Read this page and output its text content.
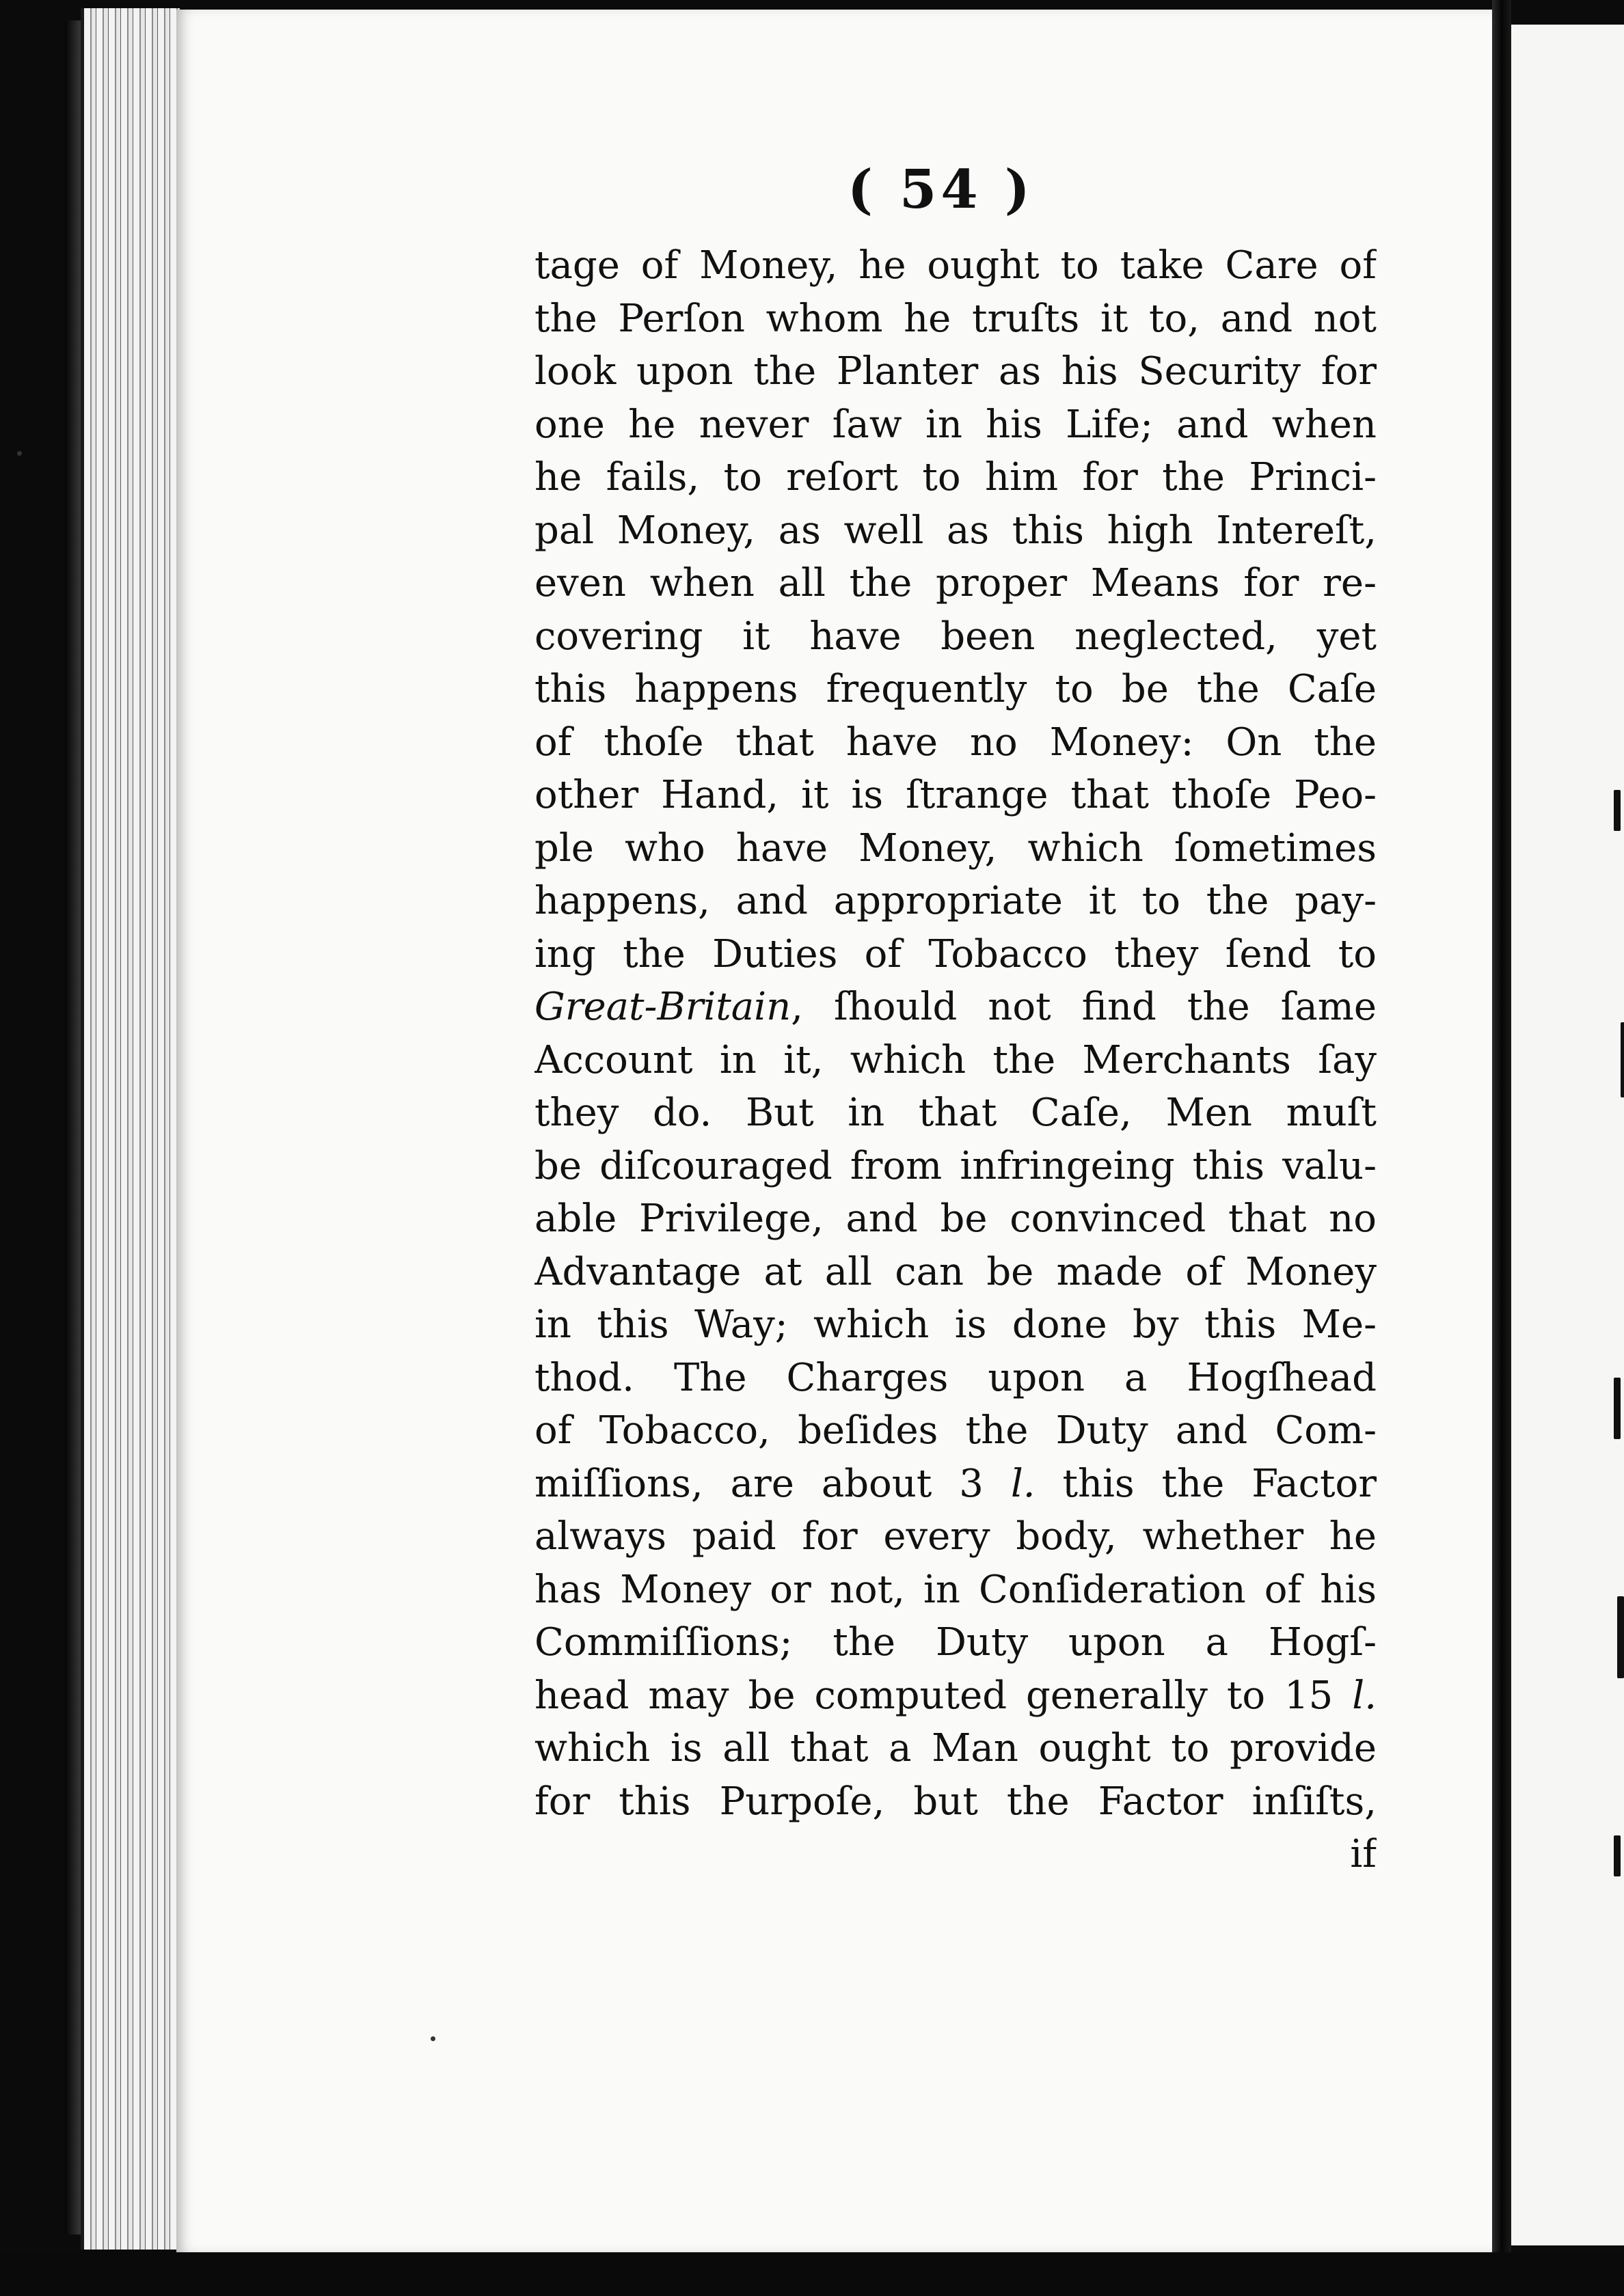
( 54 )

tage of Money, he ought to take Care of

the Perſon whom he truſts it to, and not

look upon the Planter as his Security for

one he never ſaw in his Life; and when

he fails, to reſort to him for the Princi-

pal Money, as well as this high Intereſt,

even when all the proper Means for re-

covering it have been neglected, yet

this happens frequently to be the Caſe

of thoſe that have no Money: On the

other Hand, it is ſtrange that thoſe Peo-

ple who have Money, which ſometimes

happens, and appropriate it to the pay-

ing the Duties of Tobacco they ſend to

Great-Britain, ſhould not find the ſame

Account in it, which the Merchants ſay

they do. But in that Caſe, Men muſt

be diſcouraged from infringeing this valu-

able Privilege, and be convinced that no

Advantage at all can be made of Money

in this Way; which is done by this Me-

thod. The Charges upon a Hogſhead

of Tobacco, beſides the Duty and Com-

miſſions, are about 3 l. this the Factor

always paid for every body, whether he

has Money or not, in Conſideration of his

Commiſſions; the Duty upon a Hogſ-

head may be computed generally to 15 l.

which is all that a Man ought to provide

for this Purpoſe, but the Factor inſiſts,

if
